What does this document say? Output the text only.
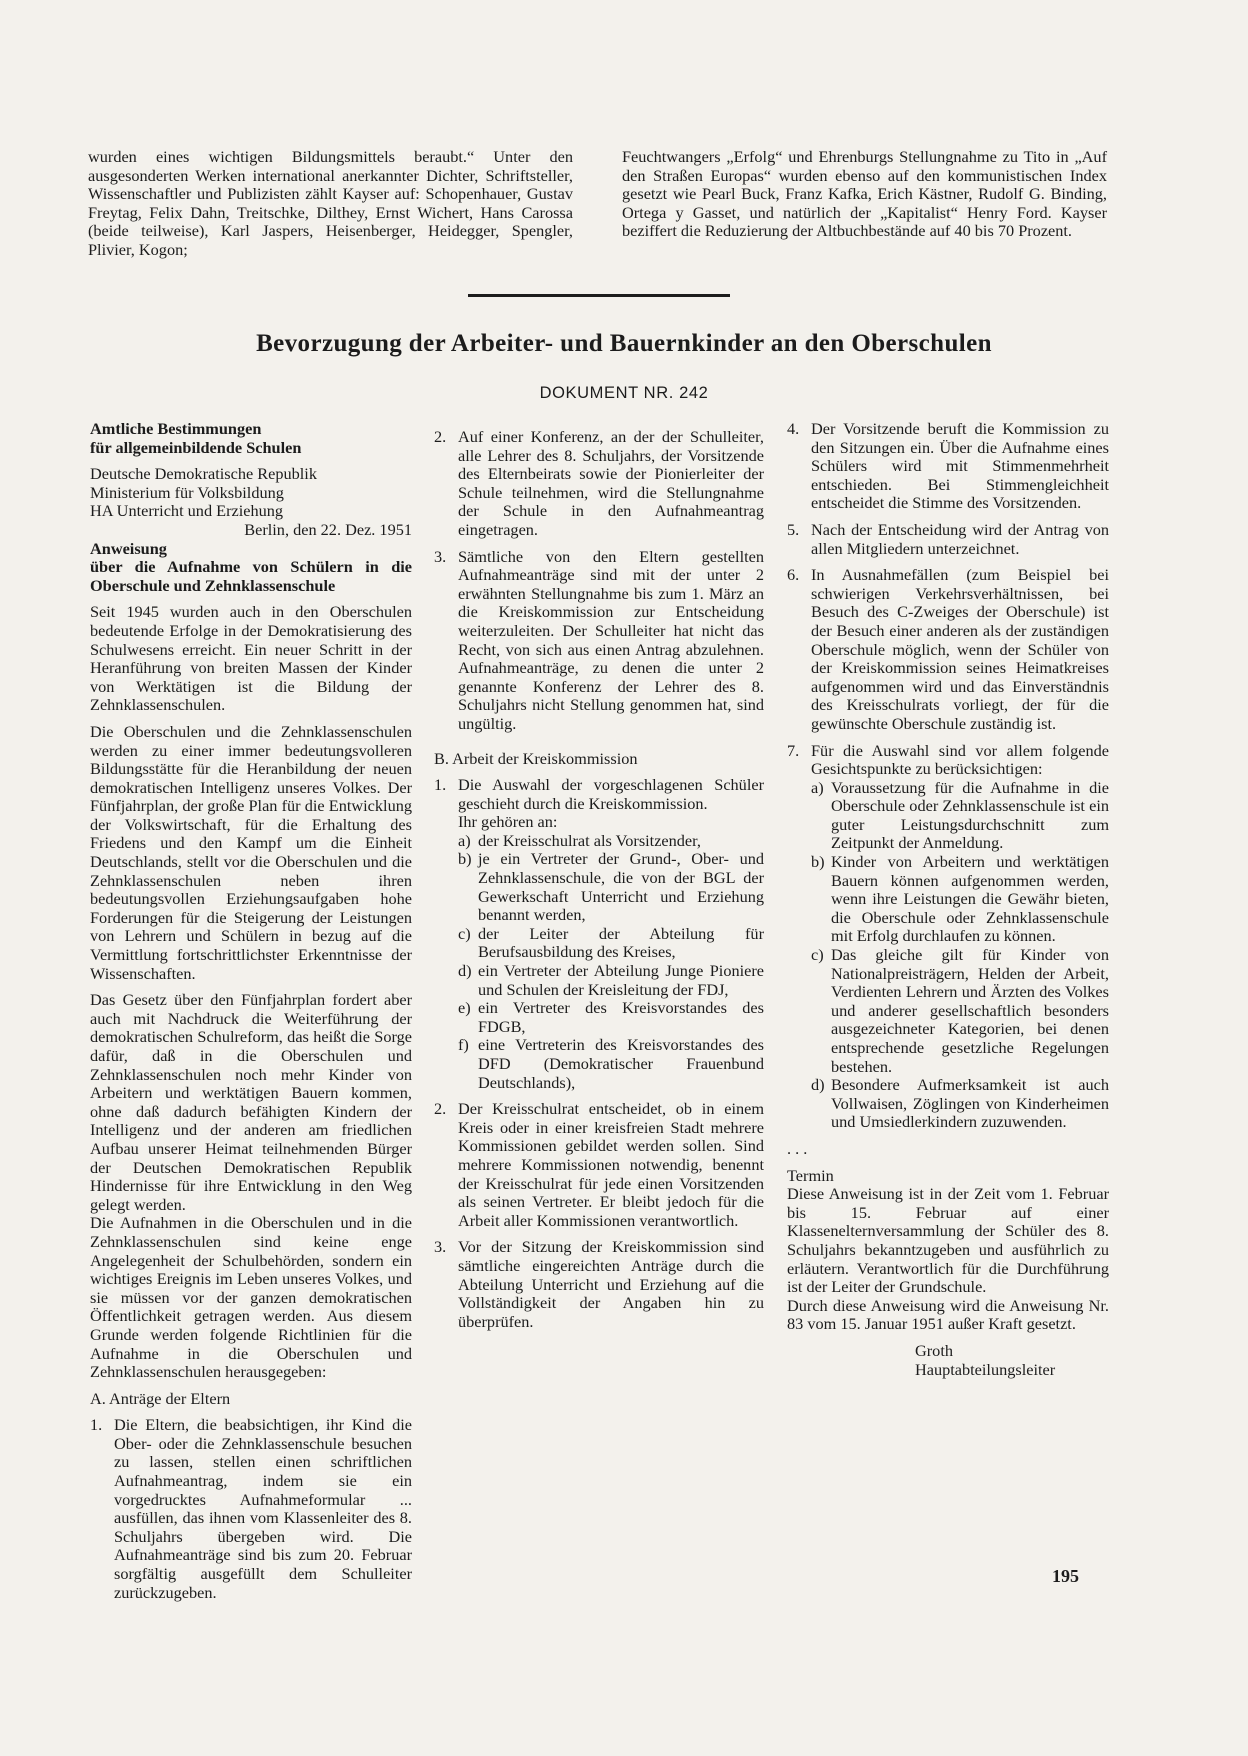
wurden eines wichtigen Bildungsmittels beraubt.“ Unter den ausgesonderten Werken international anerkannter Dichter, Schriftsteller, Wissenschaftler und Publizisten zählt Kayser auf: Schopenhauer, Gustav Freytag, Felix Dahn, Treitschke, Dilthey, Ernst Wichert, Hans Carossa (beide teilweise), Karl Jaspers, Heisenberger, Heidegger, Spengler, Plivier, Kogon;

Feuchtwangers „Erfolg“ und Ehrenburgs Stellungnahme zu Tito in „Auf den Straßen Europas“ wurden ebenso auf den kommunistischen Index gesetzt wie Pearl Buck, Franz Kafka, Erich Kästner, Rudolf G. Binding, Ortega y Gasset, und natürlich der „Kapitalist“ Henry Ford. Kayser beziffert die Reduzierung der Altbuchbestände auf 40 bis 70 Prozent.

Bevorzugung der Arbeiter- und Bauernkinder an den Oberschulen
DOKUMENT NR. 242
Amtliche Bestimmungen
für allgemeinbildende Schulen
Deutsche Demokratische Republik
Ministerium für Volksbildung
HA Unterricht und Erziehung
Berlin, den 22. Dez. 1951
Anweisung
über die Aufnahme von Schülern in die Oberschule und Zehnklassenschule

Seit 1945 wurden auch in den Oberschulen bedeutende Erfolge in der Demokratisierung des Schulwesens erreicht. Ein neuer Schritt in der Heranführung von breiten Massen der Kinder von Werktätigen ist die Bildung der Zehnklassenschulen.

Die Oberschulen und die Zehnklassenschulen werden zu einer immer bedeutungsvolleren Bildungsstätte für die Heranbildung der neuen demokratischen Intelligenz unseres Volkes. Der Fünfjahrplan, der große Plan für die Entwicklung der Volkswirtschaft, für die Erhaltung des Friedens und den Kampf um die Einheit Deutschlands, stellt vor die Oberschulen und die Zehnklassenschulen neben ihren bedeutungsvollen Erziehungsaufgaben hohe Forderungen für die Steigerung der Leistungen von Lehrern und Schülern in bezug auf die Vermittlung fortschrittlichster Erkenntnisse der Wissenschaften.

Das Gesetz über den Fünfjahrplan fordert aber auch mit Nachdruck die Weiterführung der demokratischen Schulreform, das heißt die Sorge dafür, daß in die Oberschulen und Zehnklassenschulen noch mehr Kinder von Arbeitern und werktätigen Bauern kommen, ohne daß dadurch befähigten Kindern der Intelligenz und der anderen am friedlichen Aufbau unserer Heimat teilnehmenden Bürger der Deutschen Demokratischen Republik Hindernisse für ihre Entwicklung in den Weg gelegt werden.

Die Aufnahmen in die Oberschulen und in die Zehnklassenschulen sind keine enge Angelegenheit der Schulbehörden, sondern ein wichtiges Ereignis im Leben unseres Volkes, und sie müssen vor der ganzen demokratischen Öffentlichkeit getragen werden. Aus diesem Grunde werden folgende Richtlinien für die Aufnahme in die Oberschulen und Zehnklassenschulen herausgegeben:

A. Anträge der Eltern
1. Die Eltern, die beabsichtigen, ihr Kind die Ober- oder die Zehnklassenschule besuchen zu lassen, stellen einen schriftlichen Aufnahmeantrag, indem sie ein vorgedrucktes Aufnahmeformular ... ausfüllen, das ihnen vom Klassenleiter des 8. Schuljahrs übergeben wird. Die Aufnahmeanträge sind bis zum 20. Februar sorgfältig ausgefüllt dem Schulleiter zurückzugeben.
2. Auf einer Konferenz, an der der Schulleiter, alle Lehrer des 8. Schuljahrs, der Vorsitzende des Elternbeirats sowie der Pionierleiter der Schule teilnehmen, wird die Stellungnahme der Schule in den Aufnahmeantrag eingetragen.
3. Sämtliche von den Eltern gestellten Aufnahmeanträge sind mit der unter 2 erwähnten Stellungnahme bis zum 1. März an die Kreiskommission zur Entscheidung weiterzuleiten. Der Schulleiter hat nicht das Recht, von sich aus einen Antrag abzulehnen. Aufnahmeanträge, zu denen die unter 2 genannte Konferenz der Lehrer des 8. Schuljahrs nicht Stellung genommen hat, sind ungültig.
B. Arbeit der Kreiskommission
1. Die Auswahl der vorgeschlagenen Schüler geschieht durch die Kreiskommission.
Ihr gehören an:
a) der Kreisschulrat als Vorsitzender,
b) je ein Vertreter der Grund-, Ober- und Zehnklassenschule, die von der BGL der Gewerkschaft Unterricht und Erziehung benannt werden,
c) der Leiter der Abteilung für Berufsausbildung des Kreises,
d) ein Vertreter der Abteilung Junge Pioniere und Schulen der Kreisleitung der FDJ,
e) ein Vertreter des Kreisvorstandes des FDGB,
f) eine Vertreterin des Kreisvorstandes des DFD (Demokratischer Frauenbund Deutschlands),
2. Der Kreisschulrat entscheidet, ob in einem Kreis oder in einer kreisfreien Stadt mehrere Kommissionen gebildet werden sollen. Sind mehrere Kommissionen notwendig, benennt der Kreisschulrat für jede einen Vorsitzenden als seinen Vertreter. Er bleibt jedoch für die Arbeit aller Kommissionen verantwortlich.
3. Vor der Sitzung der Kreiskommission sind sämtliche eingereichten Anträge durch die Abteilung Unterricht und Erziehung auf die Vollständigkeit der Angaben hin zu überprüfen.
4. Der Vorsitzende beruft die Kommission zu den Sitzungen ein. Über die Aufnahme eines Schülers wird mit Stimmenmehrheit entschieden. Bei Stimmengleichheit entscheidet die Stimme des Vorsitzenden.
5. Nach der Entscheidung wird der Antrag von allen Mitgliedern unterzeichnet.
6. In Ausnahmefällen (zum Beispiel bei schwierigen Verkehrsverhältnissen, bei Besuch des C-Zweiges der Oberschule) ist der Besuch einer anderen als der zuständigen Oberschule möglich, wenn der Schüler von der Kreiskommission seines Heimatkreises aufgenommen wird und das Einverständnis des Kreisschulrats vorliegt, der für die gewünschte Oberschule zuständig ist.
7. Für die Auswahl sind vor allem folgende Gesichtspunkte zu berücksichtigen:
a) Voraussetzung für die Aufnahme in die Oberschule oder Zehnklassenschule ist ein guter Leistungsdurchschnitt zum Zeitpunkt der Anmeldung.
b) Kinder von Arbeitern und werktätigen Bauern können aufgenommen werden, wenn ihre Leistungen die Gewähr bieten, die Oberschule oder Zehnklassenschule mit Erfolg durchlaufen zu können.
c) Das gleiche gilt für Kinder von Nationalpreisträgern, Helden der Arbeit, Verdienten Lehrern und Ärzten des Volkes und anderer gesellschaftlich besonders ausgezeichneter Kategorien, bei denen entsprechende gesetzliche Regelungen bestehen.
d) Besondere Aufmerksamkeit ist auch Vollwaisen, Zöglingen von Kinderheimen und Umsiedlerkindern zuzuwenden.
. . .
Termin

Diese Anweisung ist in der Zeit vom 1. Februar bis 15. Februar auf einer Klassenelternversammlung der Schüler des 8. Schuljahrs bekanntzugeben und ausführlich zu erläutern. Verantwortlich für die Durchführung ist der Leiter der Grundschule.

Durch diese Anweisung wird die Anweisung Nr. 83 vom 15. Januar 1951 außer Kraft gesetzt.

Groth
Hauptabteilungsleiter
195
